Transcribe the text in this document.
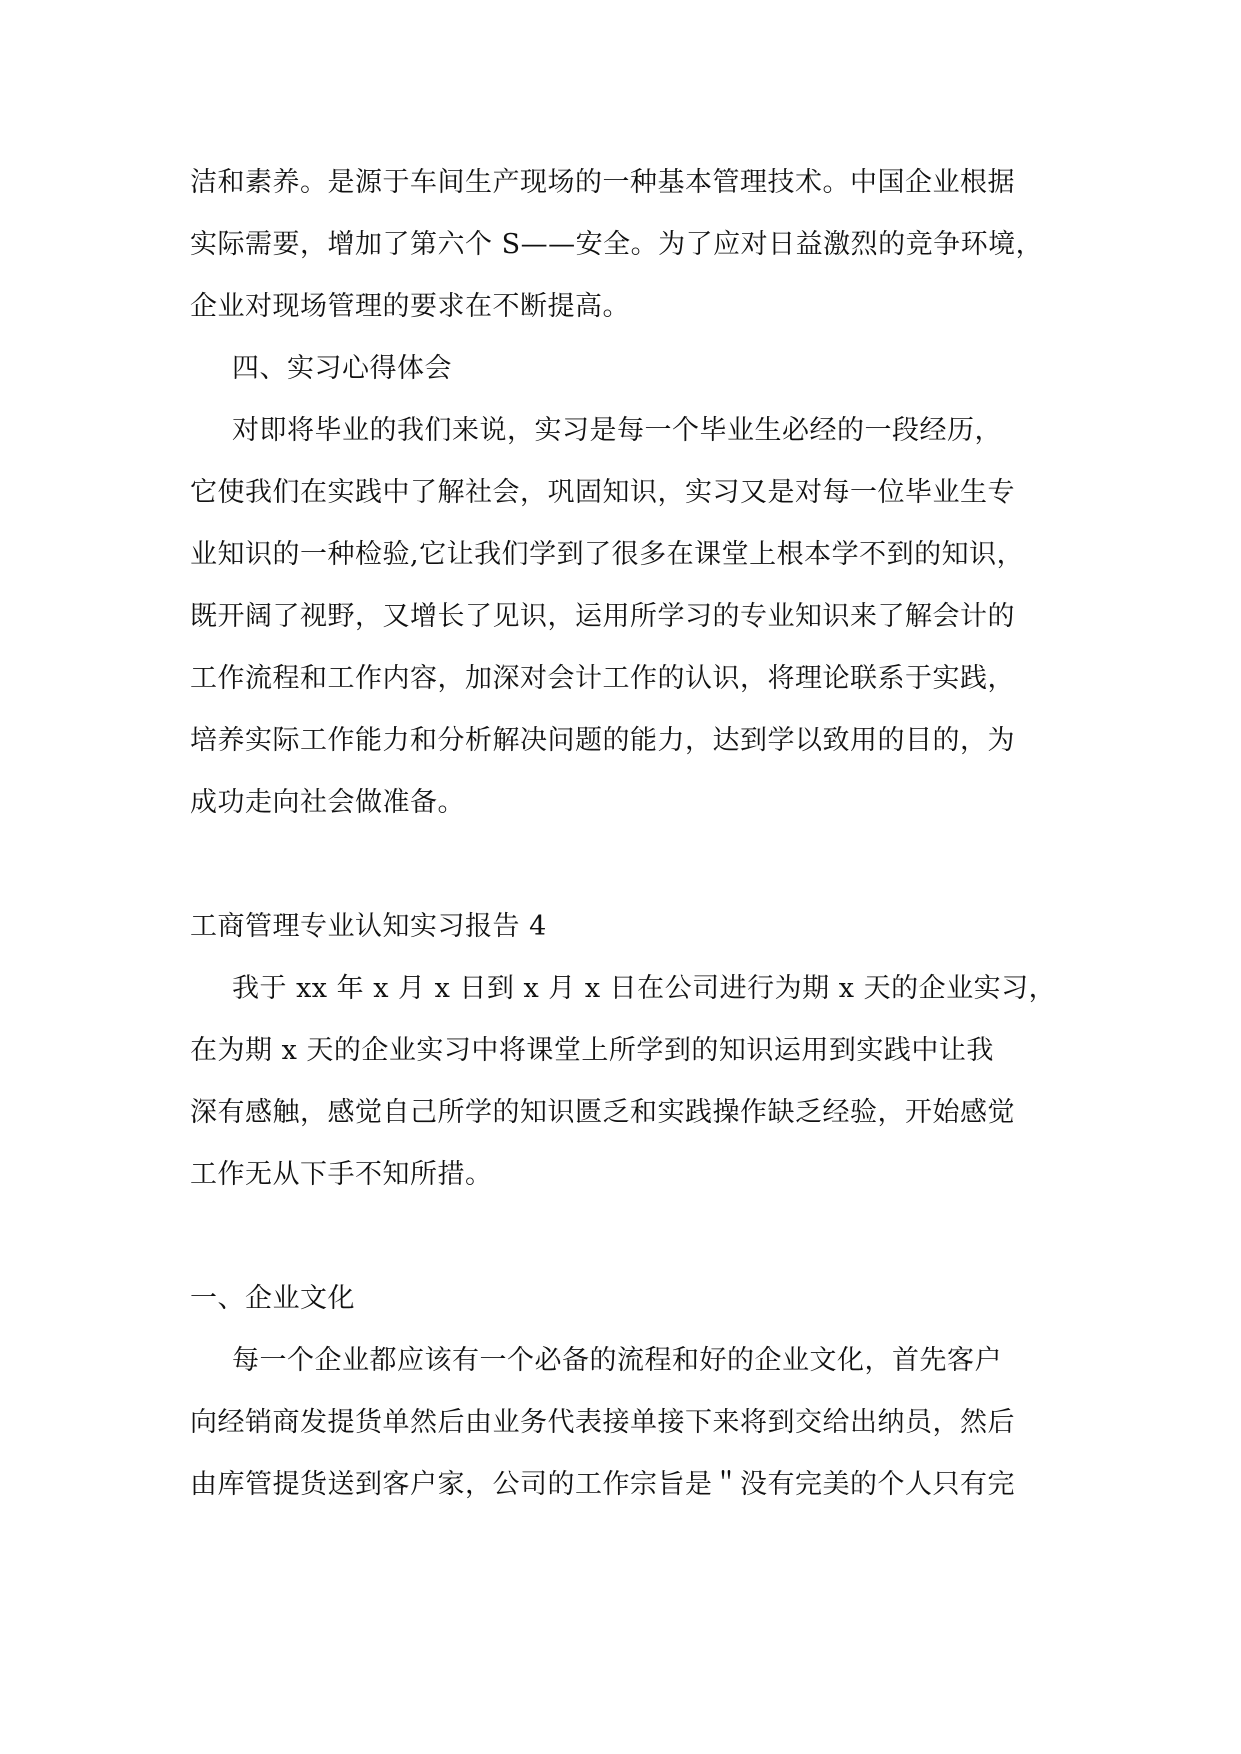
洁和素养。是源于车间生产现场的一种基本管理技术。中国企业根据
实际需要，增加了第六个 S——安全。为了应对日益激烈的竞争环境，
企业对现场管理的要求在不断提高。
四、实习心得体会
对即将毕业的我们来说，实习是每一个毕业生必经的一段经历，
它使我们在实践中了解社会，巩固知识，实习又是对每一位毕业生专
业知识的一种检验,它让我们学到了很多在课堂上根本学不到的知识，
既开阔了视野，又增长了见识，运用所学习的专业知识来了解会计的
工作流程和工作内容，加深对会计工作的认识，将理论联系于实践，
培养实际工作能力和分析解决问题的能力，达到学以致用的目的，为
成功走向社会做准备。
工商管理专业认知实习报告 4
我于 xx 年 x 月 x 日到 x 月 x 日在公司进行为期 x 天的企业实习，
在为期 x 天的企业实习中将课堂上所学到的知识运用到实践中让我
深有感触，感觉自己所学的知识匮乏和实践操作缺乏经验，开始感觉
工作无从下手不知所措。
一、企业文化
每一个企业都应该有一个必备的流程和好的企业文化，首先客户
向经销商发提货单然后由业务代表接单接下来将到交给出纳员，然后
由库管提货送到客户家，公司的工作宗旨是＂没有完美的个人只有完
